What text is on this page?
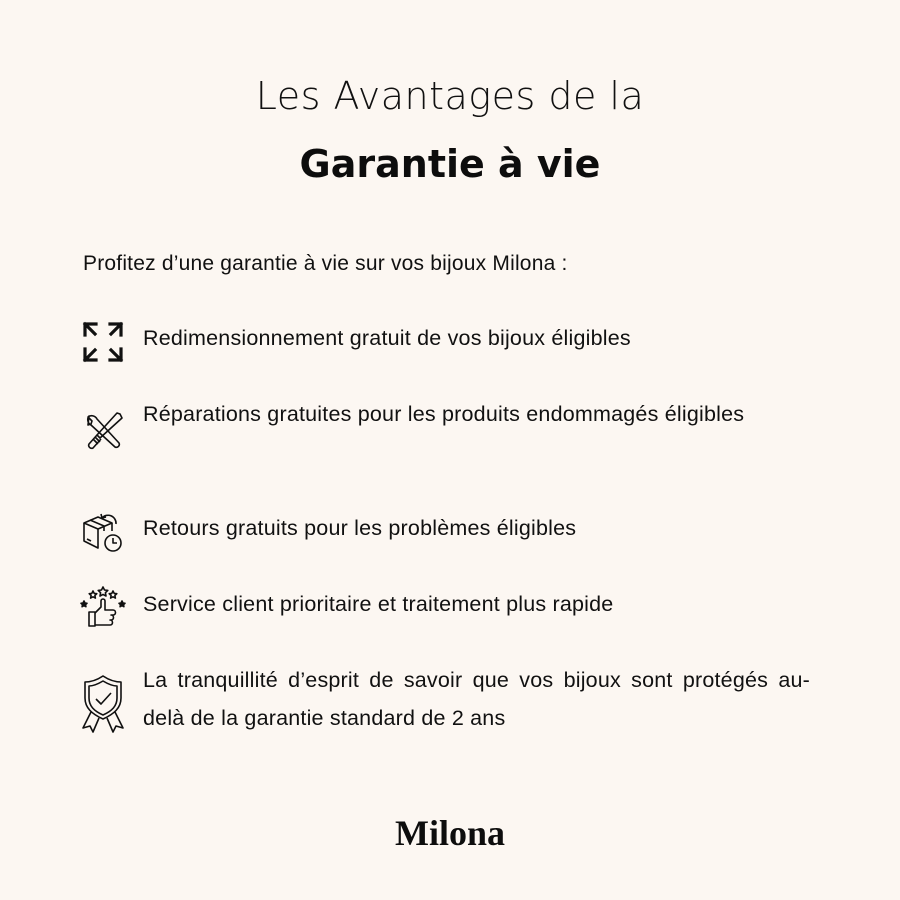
Les Avantages de la
Garantie à vie
Profitez d’une garantie à vie sur vos bijoux Milona :
Redimensionnement gratuit de vos bijoux éligibles
Réparations gratuites pour les produits endommagés éligibles
Retours gratuits pour les problèmes éligibles
Service client prioritaire et traitement plus rapide
La tranquillité d’esprit de savoir que vos bijoux sont protégés au-delà de la garantie standard de 2 ans
Milona
